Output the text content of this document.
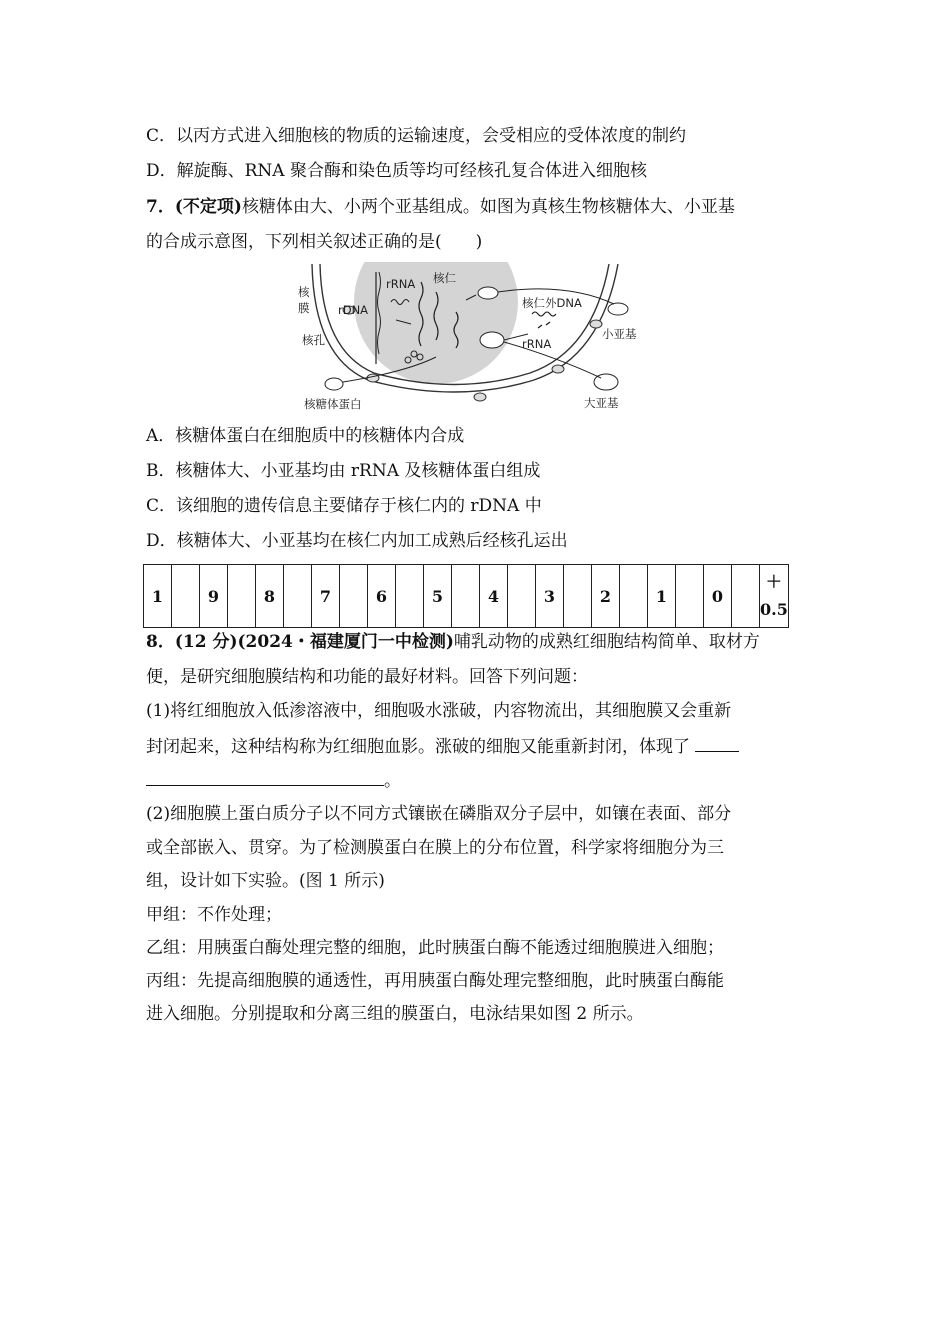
C．以丙方式进入细胞核的物质的运输速度，会受相应的受体浓度的制约
D．解旋酶、RNA 聚合酶和染色质等均可经核孔复合体进入细胞核
7．(不定项)核糖体由大、小两个亚基组成。如图为真核生物核糖体大、小亚基
的合成示意图，下列相关叙述正确的是(　　)
核
膜 rDNA
rRNA 核仁
核仁外DNA
小亚基
核孔	rRNA
核糖体蛋白	大亚基
A．核糖体蛋白在细胞质中的核糖体内合成
B．核糖体大、小亚基均由 rRNA 及核糖体蛋白组成
C．该细胞的遗传信息主要储存于核仁内的 rDNA 中
D．核糖体大、小亚基均在核仁内加工成熟后经核孔运出
1		9		8		7		6		5		4		3		2		1		0		＋
0.5
8．(12 分)(2024・福建厦门一中检测)哺乳动物的成熟红细胞结构简单、取材方
便，是研究细胞膜结构和功能的最好材料。回答下列问题：
(1)将红细胞放入低渗溶液中，细胞吸水涨破，内容物流出，其细胞膜又会重新
封闭起来，这种结构称为红细胞血影。涨破的细胞又能重新封闭，体现了
。
(2)细胞膜上蛋白质分子以不同方式镶嵌在磷脂双分子层中，如镶在表面、部分
或全部嵌入、贯穿。为了检测膜蛋白在膜上的分布位置，科学家将细胞分为三
组，设计如下实验。(图 1 所示)
甲组：不作处理；
乙组：用胰蛋白酶处理完整的细胞，此时胰蛋白酶不能透过细胞膜进入细胞；
丙组：先提高细胞膜的通透性，再用胰蛋白酶处理完整细胞，此时胰蛋白酶能
进入细胞。分别提取和分离三组的膜蛋白，电泳结果如图 2 所示。
